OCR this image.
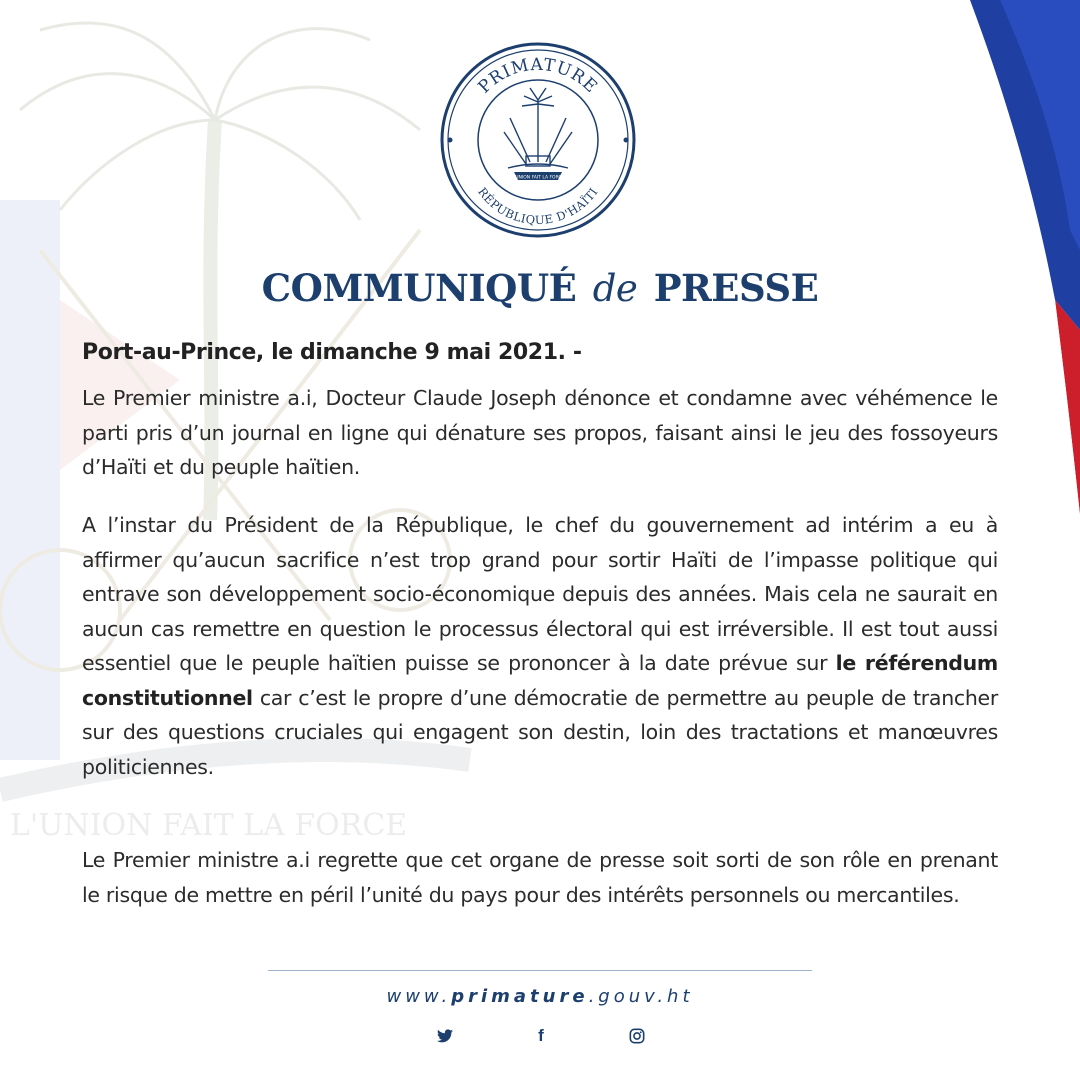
L'UNION FAIT LA FORCE
PRIMATURE
RÉPUBLIQUE D'HAÏTI
L'UNION FAIT LA FORCE
COMMUNIQUÉ de PRESSE
Port-au-Prince, le dimanche 9 mai 2021. -
Le Premier ministre a.i, Docteur Claude Joseph dénonce et condamne avec véhémence le parti pris d’un journal en ligne qui dénature ses propos, faisant ainsi le jeu des fossoyeurs d’Haïti et du peuple haïtien.
A l’instar du Président de la République, le chef du gouvernement ad intérim a eu à affirmer qu’aucun sacrifice n’est trop grand pour sortir Haïti de l’impasse politique qui entrave son développement socio-économique depuis des années. Mais cela ne saurait en aucun cas remettre en question le processus électoral qui est irréversible. Il est tout aussi essentiel que le peuple haïtien puisse se prononcer à la date prévue sur le référendum constitutionnel car c’est le propre d’une démocratie de permettre au peuple de trancher sur des questions cruciales qui engagent son destin, loin des tractations et manœuvres politiciennes.
Le Premier ministre a.i regrette que cet organe de presse soit sorti de son rôle en prenant le risque de mettre en péril l’unité du pays pour des intérêts personnels ou mercantiles.
www.primature.gouv.ht
f
